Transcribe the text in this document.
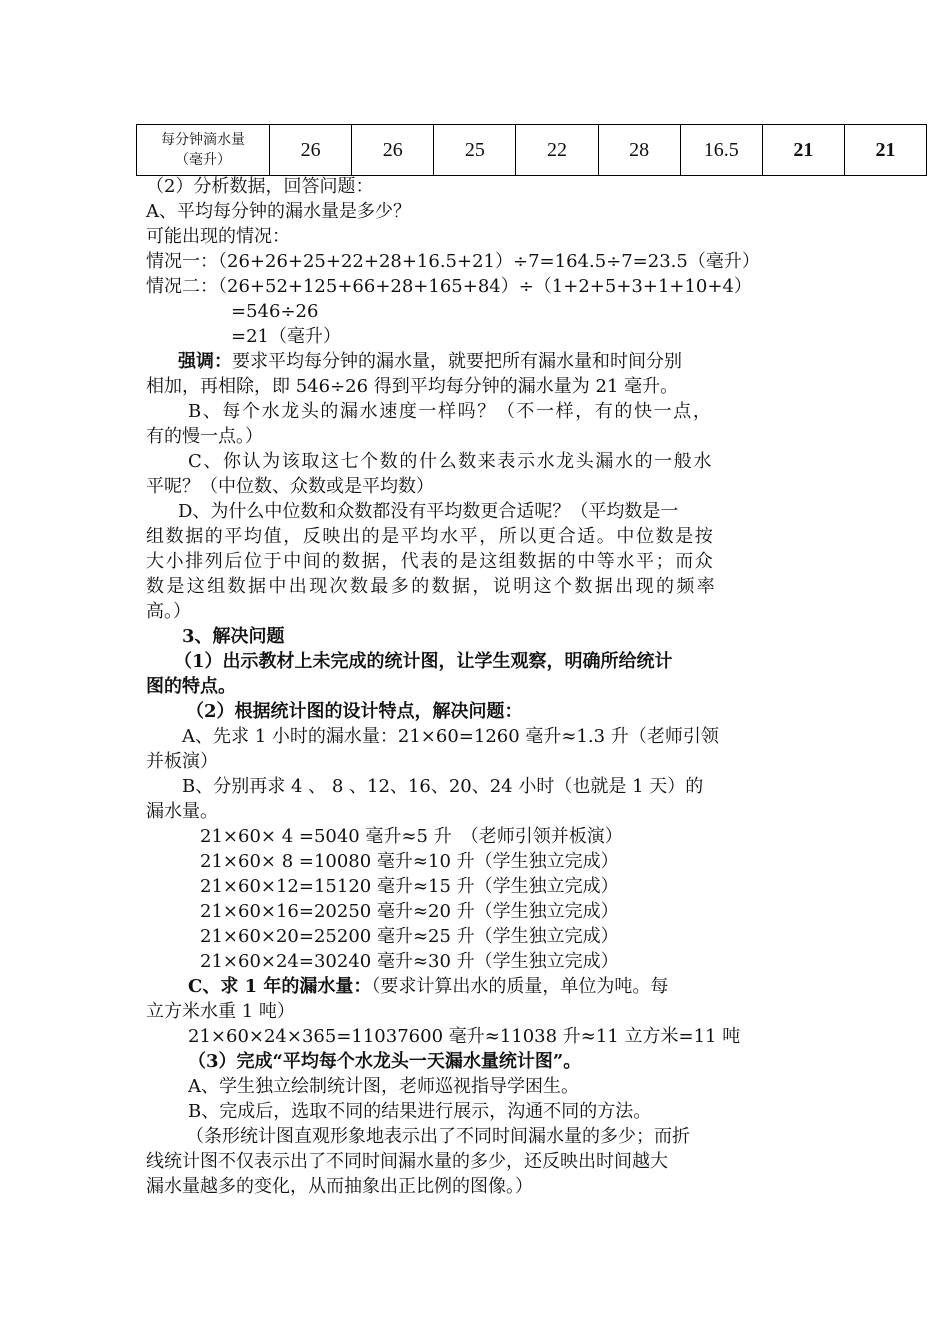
每分钟滴水量
（毫升）	26	26	25	22	28	16.5	21	21
（2）分析数据，回答问题：
A、平均每分钟的漏水量是多少？
可能出现的情况：
情况一：（26+26+25+22+28+16.5+21）÷7=164.5÷7=23.5（毫升）
情况二：（26+52+125+66+28+165+84）÷（1+2+5+3+1+10+4）
=546÷26
=21（毫升）
强调：要求平均每分钟的漏水量，就要把所有漏水量和时间分别
相加，再相除，即 546÷26 得到平均每分钟的漏水量为 21 毫升。
B、每个水龙头的漏水速度一样吗？（不一样，有的快一点，
有的慢一点。）
C、你认为该取这七个数的什么数来表示水龙头漏水的一般水
平呢？（中位数、众数或是平均数）
D、为什么中位数和众数都没有平均数更合适呢？（平均数是一
组数据的平均值，反映出的是平均水平，所以更合适。中位数是按
大小排列后位于中间的数据，代表的是这组数据的中等水平；而众
数是这组数据中出现次数最多的数据，说明这个数据出现的频率
高。）
3、解决问题
（1）出示教材上未完成的统计图，让学生观察，明确所给统计
图的特点。
（2）根据统计图的设计特点，解决问题：
A、先求 1 小时的漏水量：21×60=1260 毫升≈1.3 升（老师引领
并板演）
B、分别再求 4 、 8 、12、16、20、24 小时（也就是 1 天）的
漏水量。
21×60× 4 =5040 毫升≈5 升　（老师引领并板演）
21×60× 8 =10080 毫升≈10 升（学生独立完成）
21×60×12=15120 毫升≈15 升（学生独立完成）
21×60×16=20250 毫升≈20 升（学生独立完成）
21×60×20=25200 毫升≈25 升（学生独立完成）
21×60×24=30240 毫升≈30 升（学生独立完成）
C、求 1 年的漏水量：（要求计算出水的质量，单位为吨。每
立方米水重 1 吨）
21×60×24×365=11037600 毫升≈11038 升≈11 立方米=11 吨
（3）完成“平均每个水龙头一天漏水量统计图”。
A、学生独立绘制统计图，老师巡视指导学困生。
B、完成后，选取不同的结果进行展示，沟通不同的方法。
（条形统计图直观形象地表示出了不同时间漏水量的多少；而折
线统计图不仅表示出了不同时间漏水量的多少，还反映出时间越大
漏水量越多的变化，从而抽象出正比例的图像。）
